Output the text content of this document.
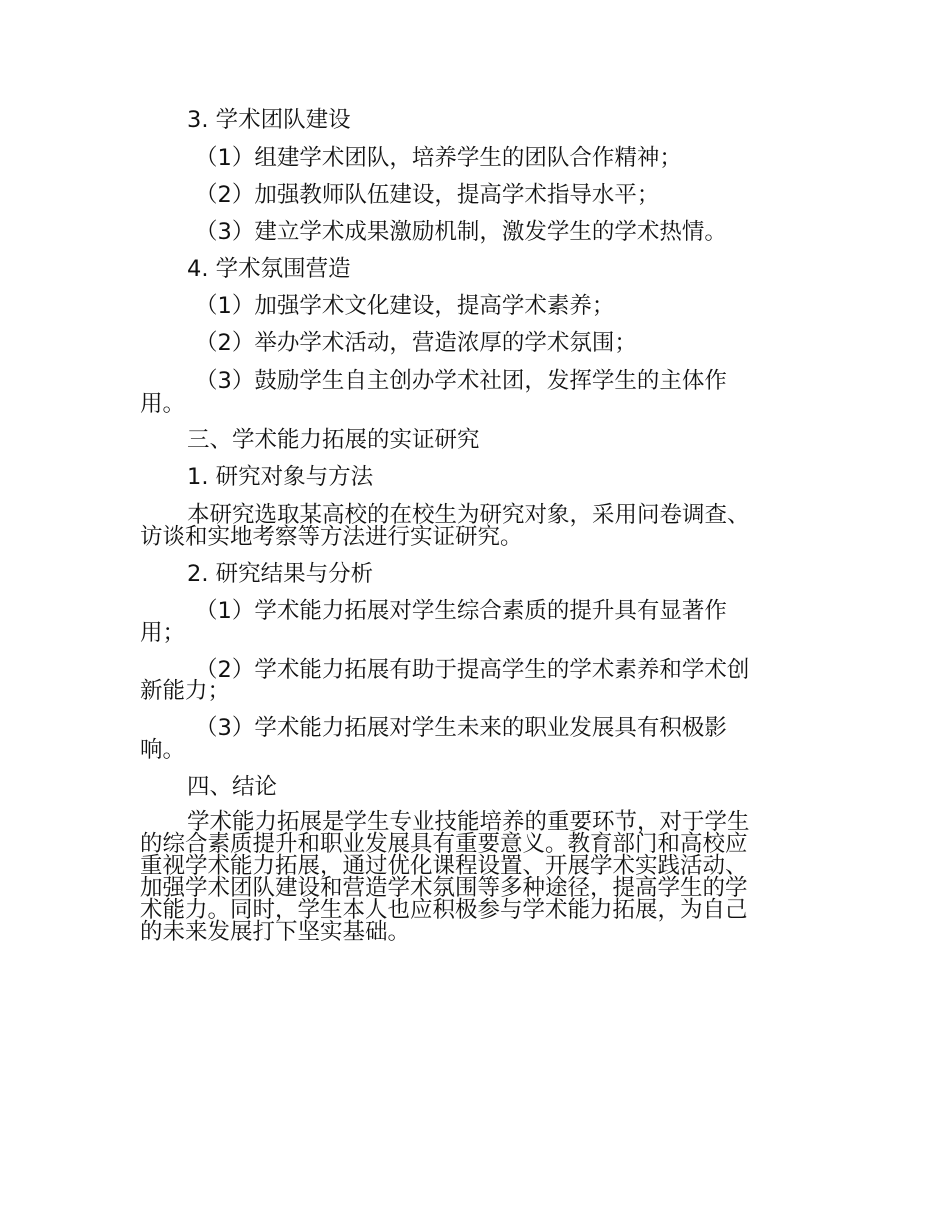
3. 学术团队建设
（1）组建学术团队，培养学生的团队合作精神；
（2）加强教师队伍建设，提高学术指导水平；
（3）建立学术成果激励机制，激发学生的学术热情。
4. 学术氛围营造
（1）加强学术文化建设，提高学术素养；
（2）举办学术活动，营造浓厚的学术氛围；
（3）鼓励学生自主创办学术社团，发挥学生的主体作
用。
三、学术能力拓展的实证研究
1. 研究对象与方法
本研究选取某高校的在校生为研究对象，采用问卷调查、
访谈和实地考察等方法进行实证研究。
2. 研究结果与分析
（1）学术能力拓展对学生综合素质的提升具有显著作
用；
（2）学术能力拓展有助于提高学生的学术素养和学术创
新能力；
（3）学术能力拓展对学生未来的职业发展具有积极影
响。
四、结论
学术能力拓展是学生专业技能培养的重要环节，对于学生
的综合素质提升和职业发展具有重要意义。教育部门和高校应
重视学术能力拓展，通过优化课程设置、开展学术实践活动、
加强学术团队建设和营造学术氛围等多种途径，提高学生的学
术能力。同时，学生本人也应积极参与学术能力拓展，为自己
的未来发展打下坚实基础。
